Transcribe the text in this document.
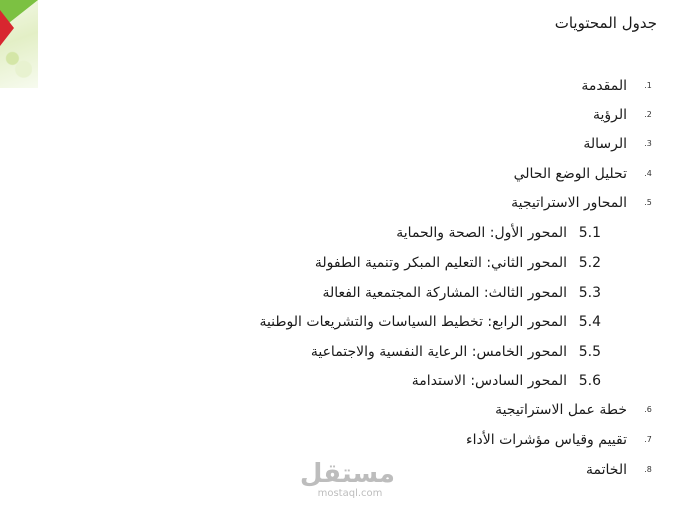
جدول المحتويات
1.
المقدمة
2.
الرؤية
3.
الرسالة
4.
تحليل الوضع الحالي
5.
المحاور الاستراتيجية
5.1
المحور الأول: الصحة والحماية
5.2
المحور الثاني: التعليم المبكر وتنمية الطفولة
5.3
المحور الثالث: المشاركة المجتمعية الفعالة
5.4
المحور الرابع: تخطيط السياسات والتشريعات الوطنية
5.5
المحور الخامس: الرعاية النفسية والاجتماعية
5.6
المحور السادس: الاستدامة
6.
خطة عمل الاستراتيجية
7.
تقييم وقياس مؤشرات الأداء
8.
الخاتمة
مستقل
mostaql.com
